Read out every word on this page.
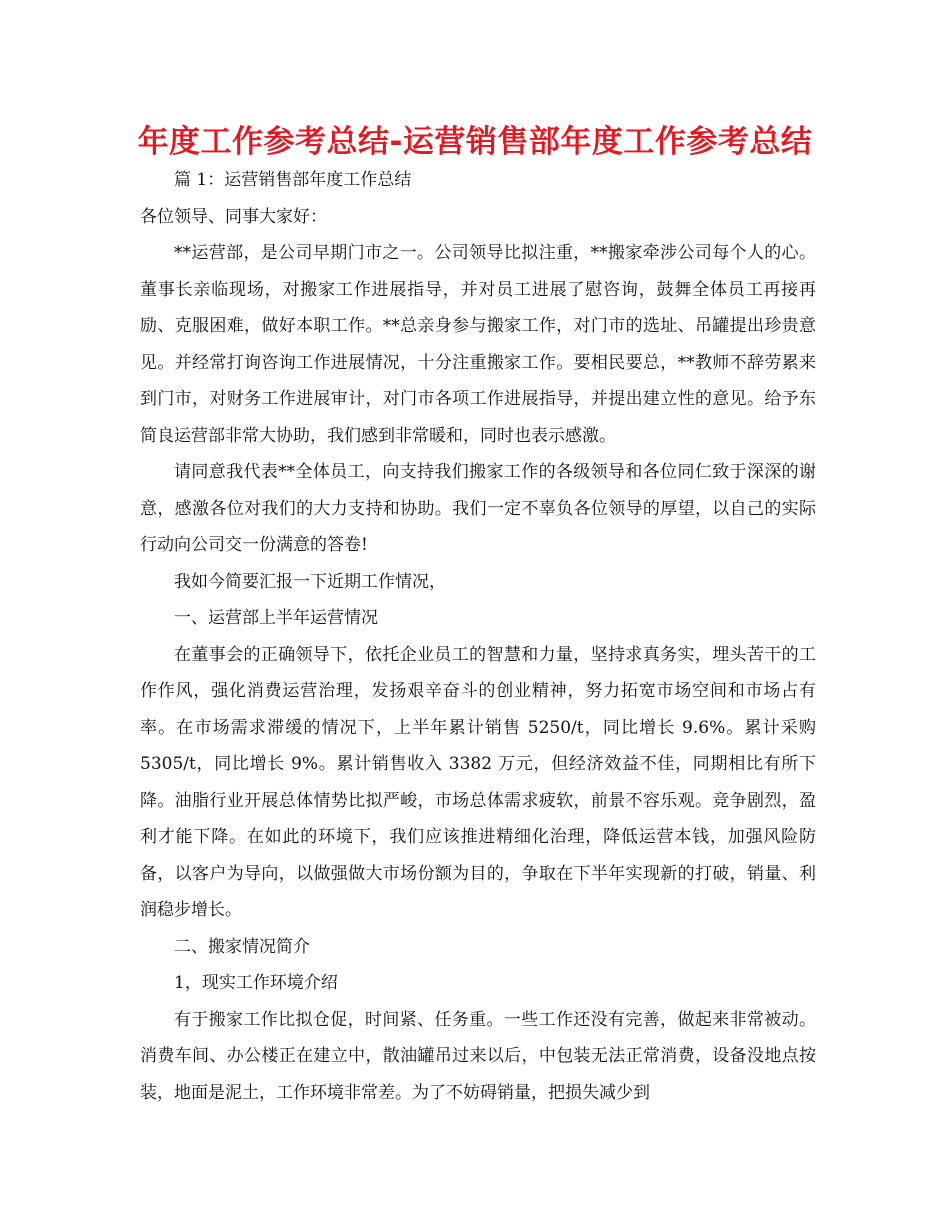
年度工作参考总结-运营销售部年度工作参考总结

篇 1：运营销售部年度工作总结

各位领导、同事大家好：

**运营部，是公司早期门市之一。公司领导比拟注重，**搬家牵涉公司每个人的心。董事长亲临现场，对搬家工作进展指导，并对员工进展了慰咨询，鼓舞全体员工再接再励、克服困难，做好本职工作。**总亲身参与搬家工作，对门市的选址、吊罐提出珍贵意见。并经常打询咨询工作进展情况，十分注重搬家工作。要相民要总，**教师不辞劳累来到门市，对财务工作进展审计，对门市各项工作进展指导，并提出建立性的意见。给予东简良运营部非常大协助，我们感到非常暖和，同时也表示感激。

请同意我代表**全体员工，向支持我们搬家工作的各级领导和各位同仁致于深深的谢意，感激各位对我们的大力支持和协助。我们一定不辜负各位领导的厚望，以自己的实际行动向公司交一份满意的答卷!

我如今简要汇报一下近期工作情况，

一、运营部上半年运营情况

在董事会的正确领导下，依托企业员工的智慧和力量，坚持求真务实，埋头苦干的工作作风，强化消费运营治理，发扬艰辛奋斗的创业精神，努力拓宽市场空间和市场占有率。在市场需求滞缓的情况下，上半年累计销售 5250/t，同比增长 9.6%。累计采购 5305/t，同比增长 9%。累计销售收入 3382 万元，但经济效益不佳，同期相比有所下降。油脂行业开展总体情势比拟严峻，市场总体需求疲软，前景不容乐观。竞争剧烈，盈利才能下降。在如此的环境下，我们应该推进精细化治理，降低运营本钱，加强风险防备，以客户为导向，以做强做大市场份额为目的，争取在下半年实现新的打破，销量、利润稳步增长。

二、搬家情况简介

1，现实工作环境介绍

有于搬家工作比拟仓促，时间紧、任务重。一些工作还没有完善，做起来非常被动。消费车间、办公楼正在建立中，散油罐吊过来以后，中包装无法正常消费，设备没地点按装，地面是泥土，工作环境非常差。为了不妨碍销量，把损失减少到
